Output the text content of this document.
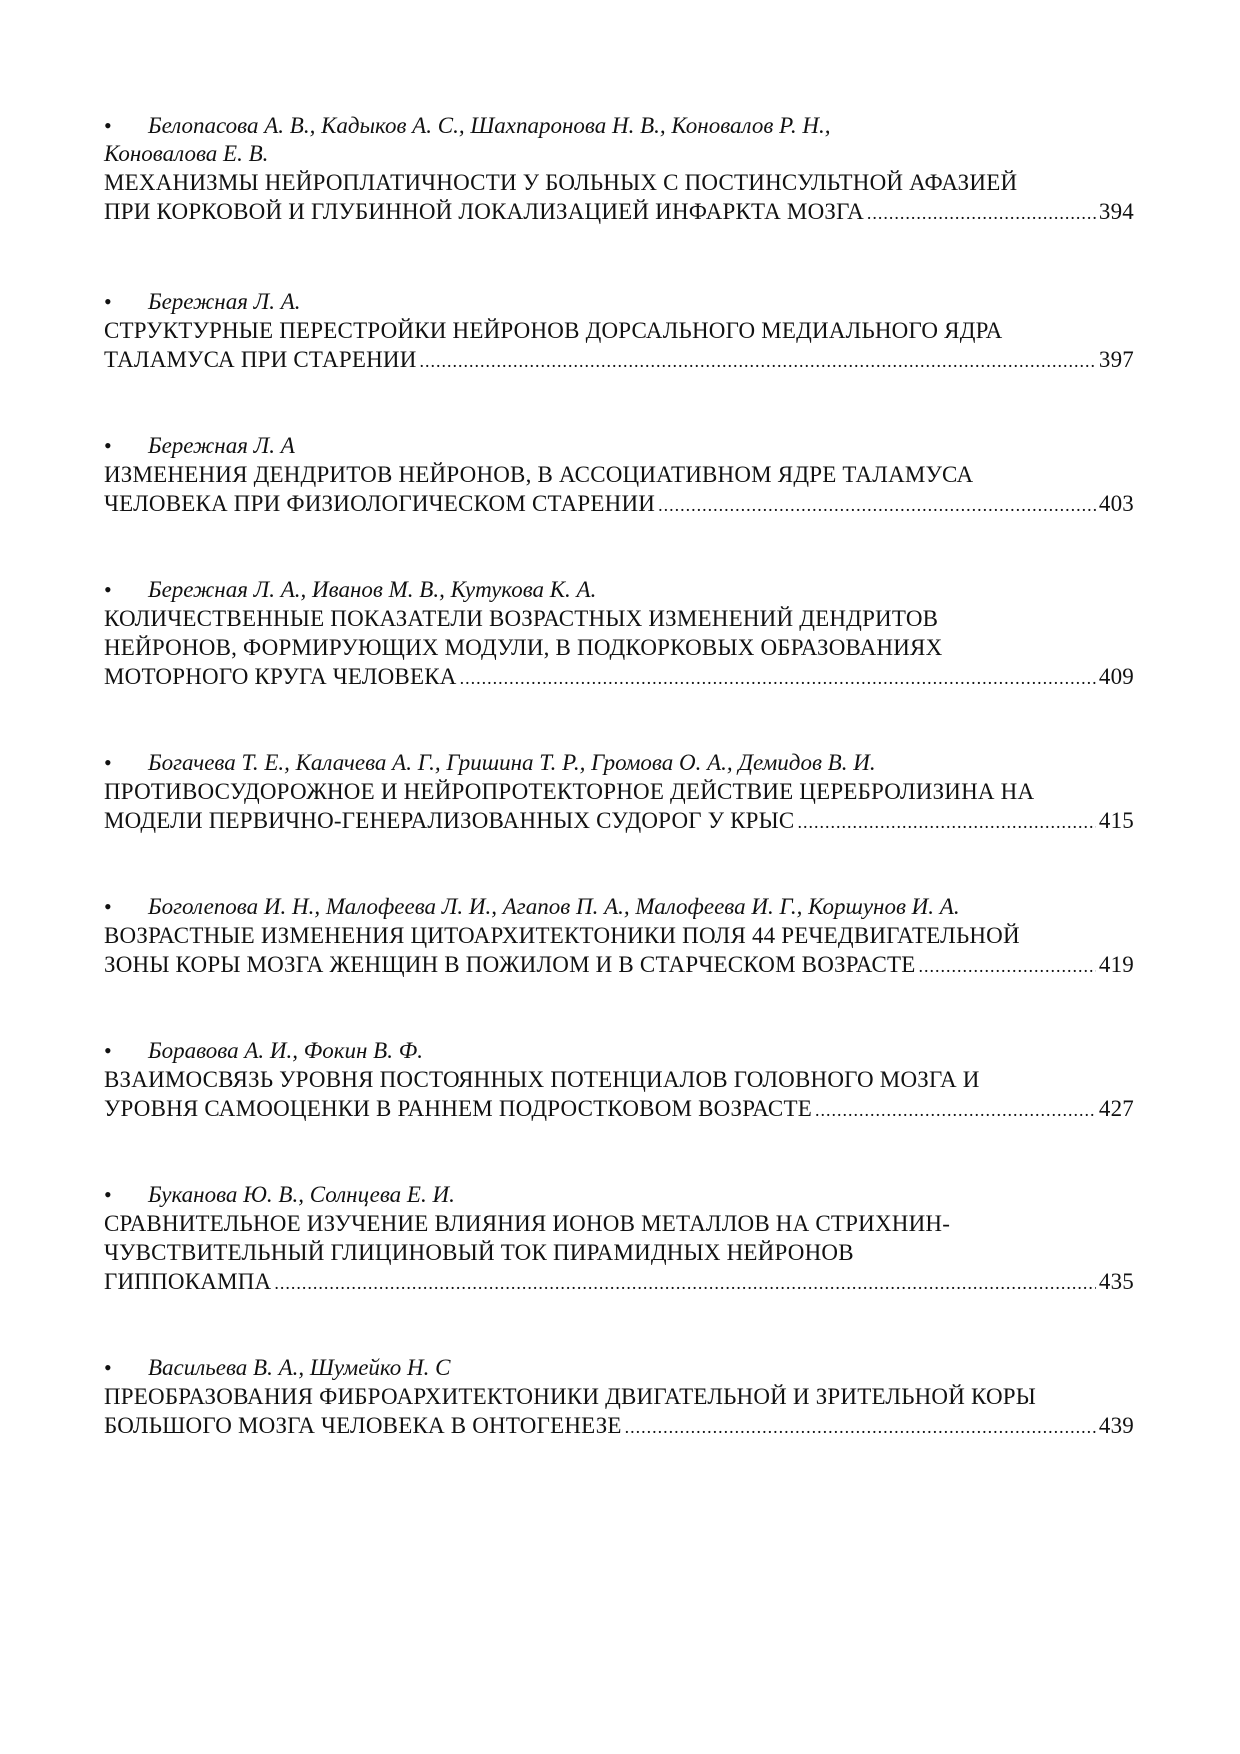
• Белопасова А. В., Кадыков А. С., Шахпаронова Н. В., Коновалов Р. Н.,
Коновалова Е. В.
МЕХАНИЗМЫ НЕЙРОПЛАТИЧНОСТИ У БОЛЬНЫХ С ПОСТИНСУЛЬТНОЙ АФАЗИЕЙ
ПРИ КОРКОВОЙ И ГЛУБИННОЙ ЛОКАЛИЗАЦИЕЙ ИНФАРКТА МОЗГА .....	394
• Бережная Л. А.
СТРУКТУРНЫЕ ПЕРЕСТРОЙКИ НЕЙРОНОВ ДОРСАЛЬНОГО МЕДИАЛЬНОГО ЯДРА
ТАЛАМУСА ПРИ СТАРЕНИИ .....	397
• Бережная Л. А
ИЗМЕНЕНИЯ ДЕНДРИТОВ НЕЙРОНОВ, В АССОЦИАТИВНОМ ЯДРЕ ТАЛАМУСА
ЧЕЛОВЕКА ПРИ ФИЗИОЛОГИЧЕСКОМ СТАРЕНИИ .....	403
• Бережная Л. А., Иванов М. В., Кутукова К. А.
КОЛИЧЕСТВЕННЫЕ ПОКАЗАТЕЛИ ВОЗРАСТНЫХ ИЗМЕНЕНИЙ ДЕНДРИТОВ
НЕЙРОНОВ, ФОРМИРУЮЩИХ МОДУЛИ, В ПОДКОРКОВЫХ ОБРАЗОВАНИЯХ
МОТОРНОГО КРУГА ЧЕЛОВЕКА .....	409
• Богачева Т. Е., Калачева А. Г., Гришина Т. Р., Громова О. А., Демидов В. И.
ПРОТИВОСУДОРОЖНОЕ И НЕЙРОПРОТЕКТОРНОЕ ДЕЙСТВИЕ ЦЕРЕБРОЛИЗИНА НА
МОДЕЛИ ПЕРВИЧНО-ГЕНЕРАЛИЗОВАННЫХ СУДОРОГ У КРЫС .....	415
• Боголепова И. Н., Малофеева Л. И., Агапов П. А., Малофеева И. Г., Коршунов И. А.
ВОЗРАСТНЫЕ ИЗМЕНЕНИЯ ЦИТОАРХИТЕКТОНИКИ ПОЛЯ 44 РЕЧЕДВИГАТЕЛЬНОЙ
ЗОНЫ КОРЫ МОЗГА ЖЕНЩИН В ПОЖИЛОМ И В СТАРЧЕСКОМ ВОЗРАСТЕ .....	419
• Боравова А. И., Фокин В. Ф.
ВЗАИМОСВЯЗЬ УРОВНЯ ПОСТОЯННЫХ ПОТЕНЦИАЛОВ ГОЛОВНОГО МОЗГА И
УРОВНЯ САМООЦЕНКИ В РАННЕМ ПОДРОСТКОВОМ ВОЗРАСТЕ .....	427
• Буканова Ю. В., Солнцева Е. И.
СРАВНИТЕЛЬНОЕ ИЗУЧЕНИЕ ВЛИЯНИЯ ИОНОВ МЕТАЛЛОВ НА СТРИХНИН-
ЧУВСТВИТЕЛЬНЫЙ ГЛИЦИНОВЫЙ ТОК ПИРАМИДНЫХ НЕЙРОНОВ
ГИППОКАМПА .....	435
• Васильева В. А., Шумейко Н. С
ПРЕОБРАЗОВАНИЯ ФИБРОАРХИТЕКТОНИКИ ДВИГАТЕЛЬНОЙ И ЗРИТЕЛЬНОЙ КОРЫ
БОЛЬШОГО МОЗГА ЧЕЛОВЕКА В ОНТОГЕНЕЗЕ .....	439
